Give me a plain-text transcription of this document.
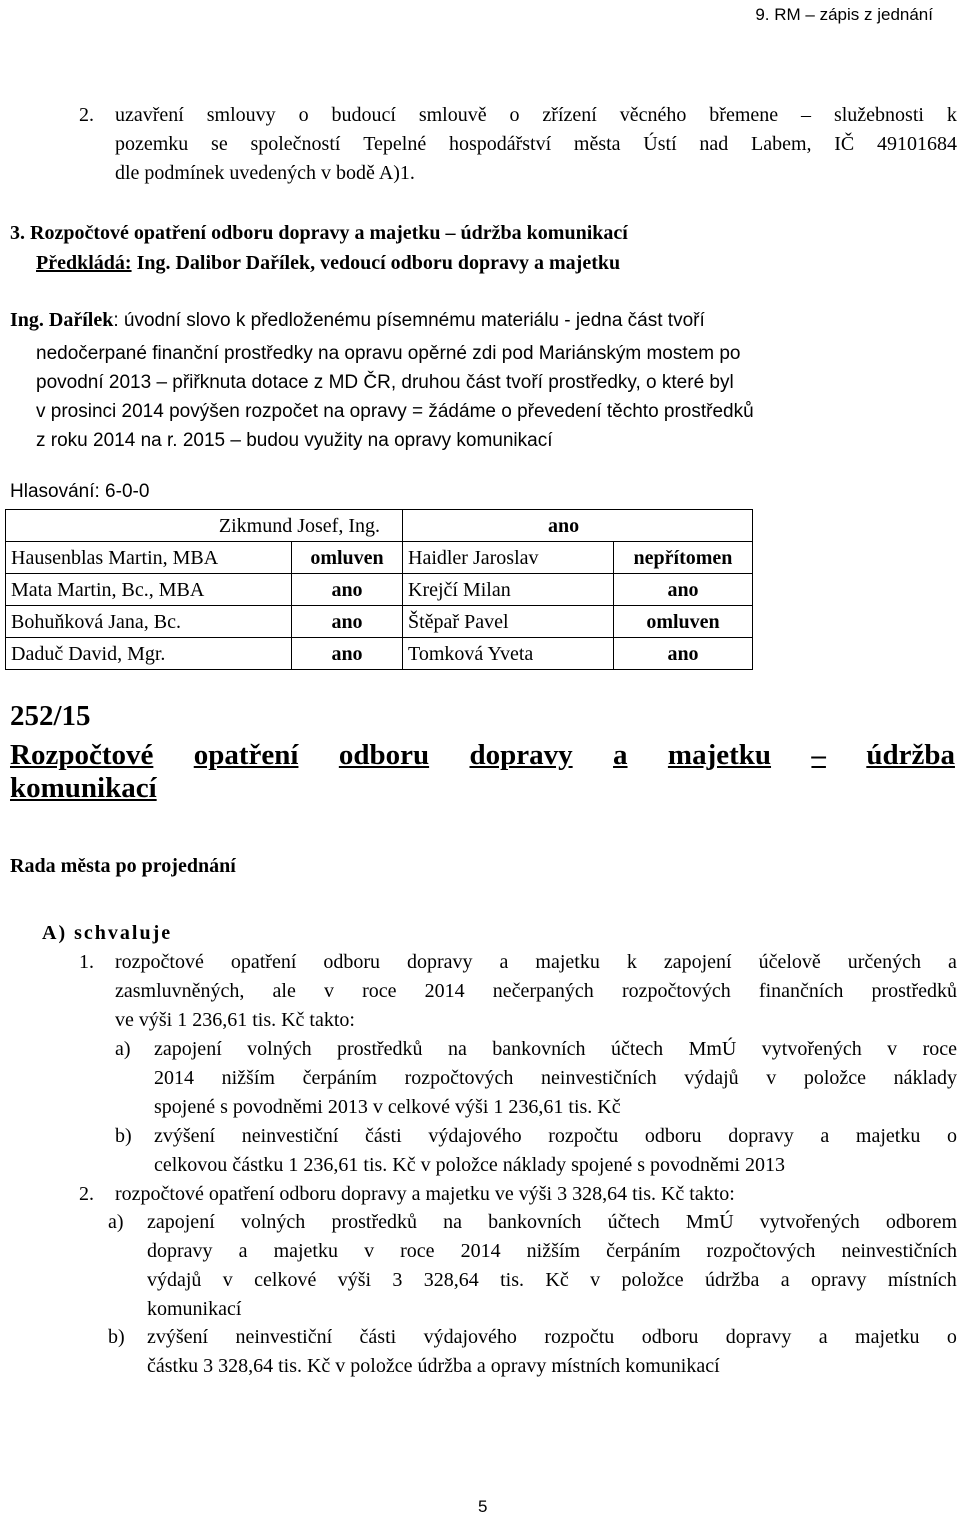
9. RM – zápis z jednání
2. uzavření smlouvy o budoucí smlouvě o zřízení věcného břemene – služebnosti k
pozemku se společností Tepelné hospodářství města Ústí nad Labem, IČ 49101684
dle podmínek uvedených v bodě A)1.
3. Rozpočtové opatření odboru dopravy a majetku – údržba komunikací
Předkládá: Ing. Dalibor Dařílek, vedoucí odboru dopravy a majetku
Ing. Dařílek: úvodní slovo k předloženému písemnému materiálu - jedna část tvoří
nedočerpané finanční prostředky na opravu opěrné zdi pod Mariánským mostem po
povodní 2013 – přiřknuta dotace z MD ČR, druhou část tvoří prostředky, o které byl
v prosinci 2014 povýšen rozpočet na opravy = žádáme o převedení těchto prostředků
z roku 2014 na r. 2015 – budou využity na opravy komunikací
Hlasování: 6-0-0
Zikmund Josef, Ing.		ano	
Hausenblas Martin, MBA	omluven	Haidler Jaroslav	nepřítomen
Mata Martin, Bc., MBA	ano	Krejčí Milan	ano
Bohuňková Jana, Bc.	ano	Štěpař Pavel	omluven
Daduč David, Mgr.	ano	Tomková Yveta	ano
252/15
Rozpočtové opatření odboru dopravy a majetku – údržba
komunikací
Rada města po projednání
A) schvaluje
1. rozpočtové opatření odboru dopravy a majetku k zapojení účelově určených a
zasmluvněných, ale v roce 2014 nečerpaných rozpočtových finančních prostředků
ve výši 1 236,61 tis. Kč takto:
a) zapojení volných prostředků na bankovních účtech MmÚ vytvořených v roce
2014 nižším čerpáním rozpočtových neinvestičních výdajů v položce náklady
spojené s povodněmi 2013 v celkové výši 1 236,61 tis. Kč
b) zvýšení neinvestiční části výdajového rozpočtu odboru dopravy a majetku o
celkovou částku 1 236,61 tis. Kč v položce náklady spojené s povodněmi 2013
2. rozpočtové opatření odboru dopravy a majetku ve výši 3 328,64 tis. Kč takto:
a) zapojení volných prostředků na bankovních účtech MmÚ vytvořených odborem
dopravy a majetku v roce 2014 nižším čerpáním rozpočtových neinvestičních
výdajů v celkové výši 3 328,64 tis. Kč v položce údržba a opravy místních
komunikací
b) zvýšení neinvestiční části výdajového rozpočtu odboru dopravy a majetku o
částku 3 328,64 tis. Kč v položce údržba a opravy místních komunikací
5
